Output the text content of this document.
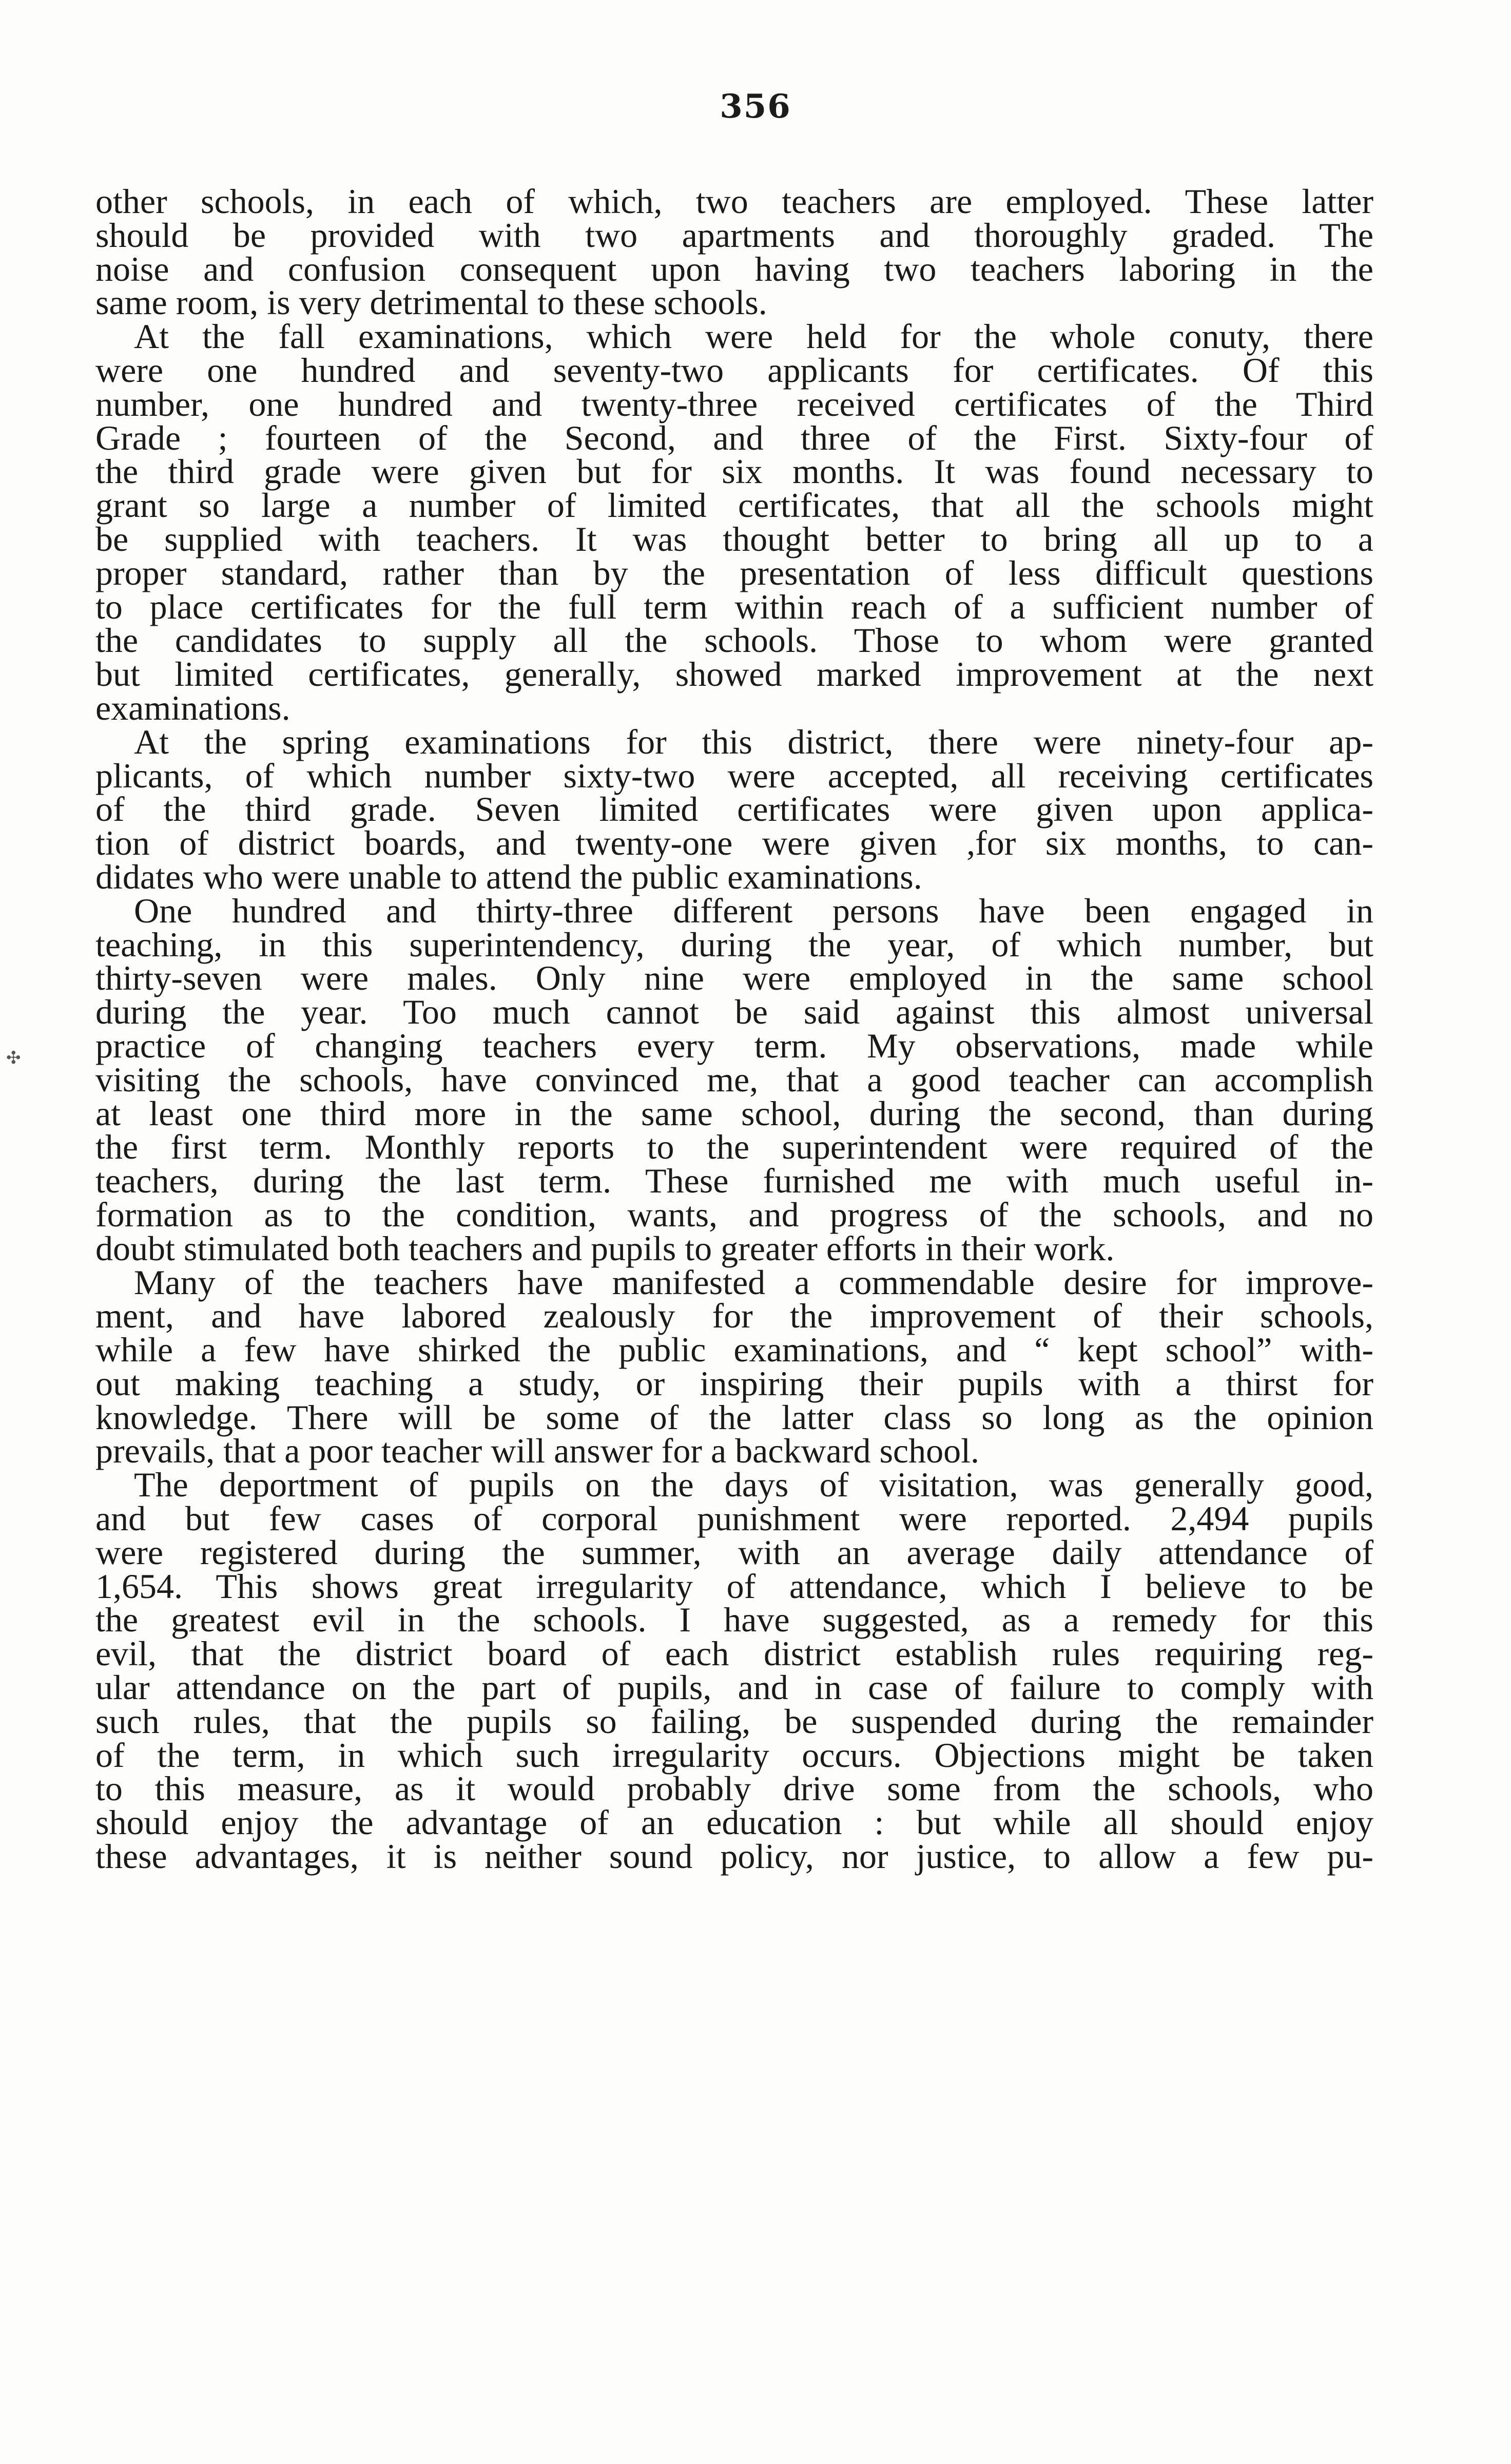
356
✣
other schools, in each of which, two teachers are employed. These latter
should be provided with two apartments and thoroughly graded. The
noise and confusion consequent upon having two teachers laboring in the
same room, is very detrimental to these schools.
At the fall examinations, which were held for the whole conuty, there
were one hundred and seventy-two applicants for certificates. Of this
number, one hundred and twenty-three received certificates of the Third
Grade ; fourteen of the Second, and three of the First. Sixty-four of
the third grade were given but for six months. It was found necessary to
grant so large a number of limited certificates, that all the schools might
be supplied with teachers. It was thought better to bring all up to a
proper standard, rather than by the presentation of less difficult questions
to place certificates for the full term within reach of a sufficient number of
the candidates to supply all the schools. Those to whom were granted
but limited certificates, generally, showed marked improvement at the next
examinations.
At the spring examinations for this district, there were ninety-four ap-
plicants, of which number sixty-two were accepted, all receiving certificates
of the third grade. Seven limited certificates were given upon applica-
tion of district boards, and twenty-one were given ,for six months, to can-
didates who were unable to attend the public examinations.
One hundred and thirty-three different persons have been engaged in
teaching, in this superintendency, during the year, of which number, but
thirty-seven were males. Only nine were employed in the same school
during the year. Too much cannot be said against this almost universal
practice of changing teachers every term. My observations, made while
visiting the schools, have convinced me, that a good teacher can accomplish
at least one third more in the same school, during the second, than during
the first term. Monthly reports to the superintendent were required of the
teachers, during the last term. These furnished me with much useful in-
formation as to the condition, wants, and progress of the schools, and no
doubt stimulated both teachers and pupils to greater efforts in their work.
Many of the teachers have manifested a commendable desire for improve-
ment, and have labored zealously for the improvement of their schools,
while a few have shirked the public examinations, and “ kept school” with-
out making teaching a study, or inspiring their pupils with a thirst for
knowledge. There will be some of the latter class so long as the opinion
prevails, that a poor teacher will answer for a backward school.
The deportment of pupils on the days of visitation, was generally good,
and but few cases of corporal punishment were reported. 2,494 pupils
were registered during the summer, with an average daily attendance of
1,654. This shows great irregularity of attendance, which I believe to be
the greatest evil in the schools. I have suggested, as a remedy for this
evil, that the district board of each district establish rules requiring reg-
ular attendance on the part of pupils, and in case of failure to comply with
such rules, that the pupils so failing, be suspended during the remainder
of the term, in which such irregularity occurs. Objections might be taken
to this measure, as it would probably drive some from the schools, who
should enjoy the advantage of an education : but while all should enjoy
these advantages, it is neither sound policy, nor justice, to allow a few pu-
